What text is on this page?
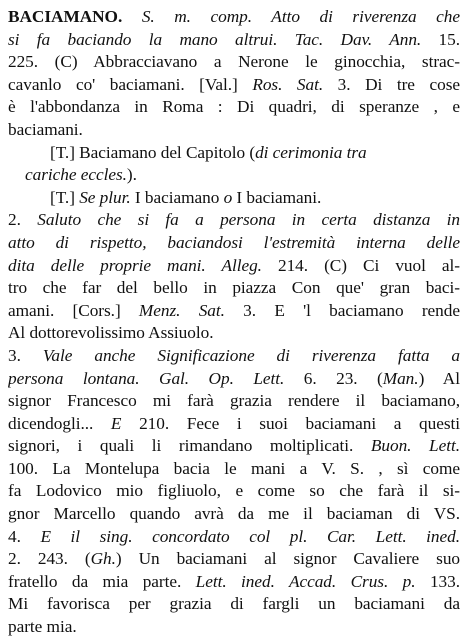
BACIAMANO. S. m. comp. Atto di riverenza che
si fa baciando la mano altrui. Tac. Dav. Ann. 15.
225. (C) Abbracciavano a Nerone le ginocchia, strac-
cavanlo co' baciamani. [Val.] Ros. Sat. 3. Di tre cose
è l'abbondanza in Roma : Di quadri, di speranze , e
baciamani.
[T.] Baciamano del Capitolo (di cerimonia tra
cariche eccles.).
[T.] Se plur. I baciamano o I baciamani.
2. Saluto che si fa a persona in certa distanza in
atto di rispetto, baciandosi l'estremità interna delle
dita delle proprie mani. Alleg. 214. (C) Ci vuol al-
tro che far del bello in piazza Con que' gran baci-
amani. [Cors.] Menz. Sat. 3. E 'l baciamano rende
Al dottorevolissimo Assiuolo.
3. Vale anche Significazione di riverenza fatta a
persona lontana. Gal. Op. Lett. 6. 23. (Man.) Al
signor Francesco mi farà grazia rendere il baciamano,
dicendogli... E 210. Fece i suoi baciamani a questi
signori, i quali li rimandano moltiplicati. Buon. Lett.
100. La Montelupa bacia le mani a V. S. , sì come
fa Lodovico mio figliuolo, e come so che farà il si-
gnor Marcello quando avrà da me il baciaman di VS.
4. E il sing. concordato col pl. Car. Lett. ined.
2. 243. (Gh.) Un baciamani al signor Cavaliere suo
fratello da mia parte. Lett. ined. Accad. Crus. p. 133.
Mi favorisca per grazia di fargli un baciamani da
parte mia.
